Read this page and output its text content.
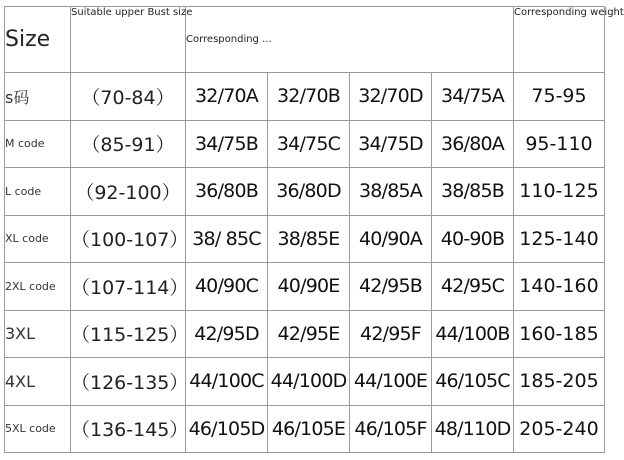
Size	Suitable upper Bust size	Corresponding ...				Corresponding weight
s码	（70-84）	32/70A	32/70B	32/70D	34/75A	75-95
M code	（85-91）	34/75B	34/75C	34/75D	36/80A	95-110
L code	（92-100）	36/80B	36/80D	38/85A	38/85B	110-125
XL code	（100-107）	38/ 85C	38/85E	40/90A	40-90B	125-140
2XL code	（107-114）	40/90C	40/90E	42/95B	42/95C	140-160
3XL	（115-125）	42/95D	42/95E	42/95F	44/100B	160-185
4XL	（126-135）	44/100C	44/100D	44/100E	46/105C	185-205
5XL code	（136-145）	46/105D	46/105E	46/105F	48/110D	205-240
